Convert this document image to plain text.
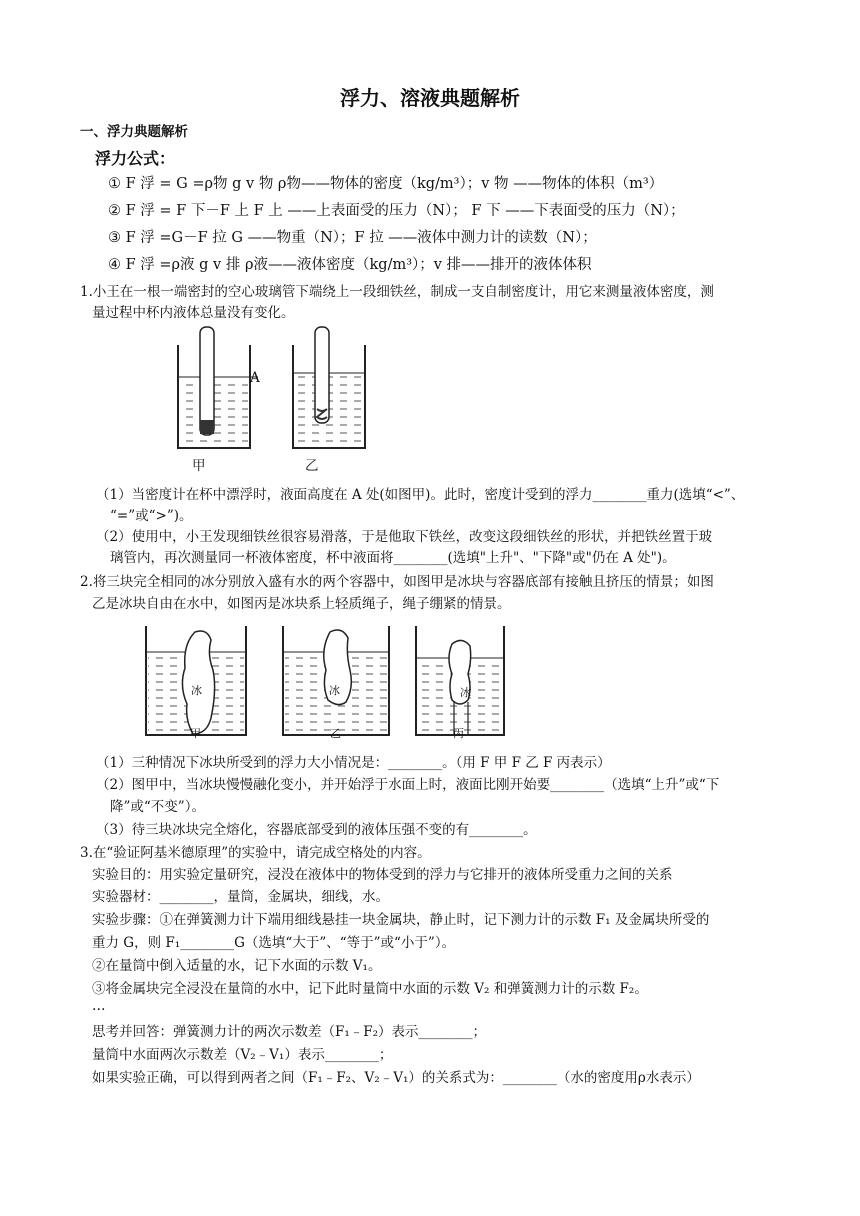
浮力、溶液典题解析
一、浮力典题解析
浮力公式：
① F 浮 = G =ρ物 g v 物 ρ物——物体的密度（kg/m³）；v 物 ——物体的体积（m³）
② F 浮 = F 下－F 上 F 上 ——上表面受的压力（N）； F 下 ——下表面受的压力（N）；
③ F 浮 =G－F 拉 G ——物重（N）；F 拉 ——液体中测力计的读数（N）；
④ F 浮 =ρ液 g v 排 ρ液——液体密度（kg/m³）；v 排——排开的液体体积
1.小王在一根一端密封的空心玻璃管下端绕上一段细铁丝，制成一支自制密度计，用它来测量液体密度，测
量过程中杯内液体总量没有变化。
甲	乙
A
（1）当密度计在杯中漂浮时，液面高度在 A 处(如图甲)。此时，密度计受到的浮力________重力(选填“<”、
“=”或“>”)。
（2）使用中，小王发现细铁丝很容易滑落，于是他取下铁丝，改变这段细铁丝的形状，并把铁丝置于玻
璃管内，再次测量同一杯液体密度，杯中液面将________(选填"上升"、"下降"或"仍在 A 处")。
2.将三块完全相同的冰分别放入盛有水的两个容器中，如图甲是冰块与容器底部有接触且挤压的情景；如图
乙是冰块自由在水中，如图丙是冰块系上轻质绳子，绳子绷紧的情景。
冰	冰	冰
甲	乙	丙
（1）三种情况下冰块所受到的浮力大小情况是：________。（用 F 甲 F 乙 F 丙表示）
（2）图甲中，当冰块慢慢融化变小，并开始浮于水面上时，液面比刚开始要________（选填“上升”或“下
降”或“不变”）。
（3）待三块冰块完全熔化，容器底部受到的液体压强不变的有________。
3.在“验证阿基米德原理”的实验中，请完成空格处的内容。
实验目的：用实验定量研究，浸没在液体中的物体受到的浮力与它排开的液体所受重力之间的关系
实验器材：________，量筒，金属块，细线，水。
实验步骤：①在弹簧测力计下端用细线悬挂一块金属块，静止时，记下测力计的示数 F₁ 及金属块所受的
重力 G，则 F₁________G（选填“大于”、“等于”或“小于”）。
②在量筒中倒入适量的水，记下水面的示数 V₁。
③将金属块完全浸没在量筒的水中，记下此时量筒中水面的示数 V₂ 和弹簧测力计的示数 F₂。
…
思考并回答：弹簧测力计的两次示数差（F₁﹣F₂）表示________；
量筒中水面两次示数差（V₂﹣V₁）表示________；
如果实验正确，可以得到两者之间（F₁﹣F₂、V₂﹣V₁）的关系式为：________（水的密度用ρ水表示）
